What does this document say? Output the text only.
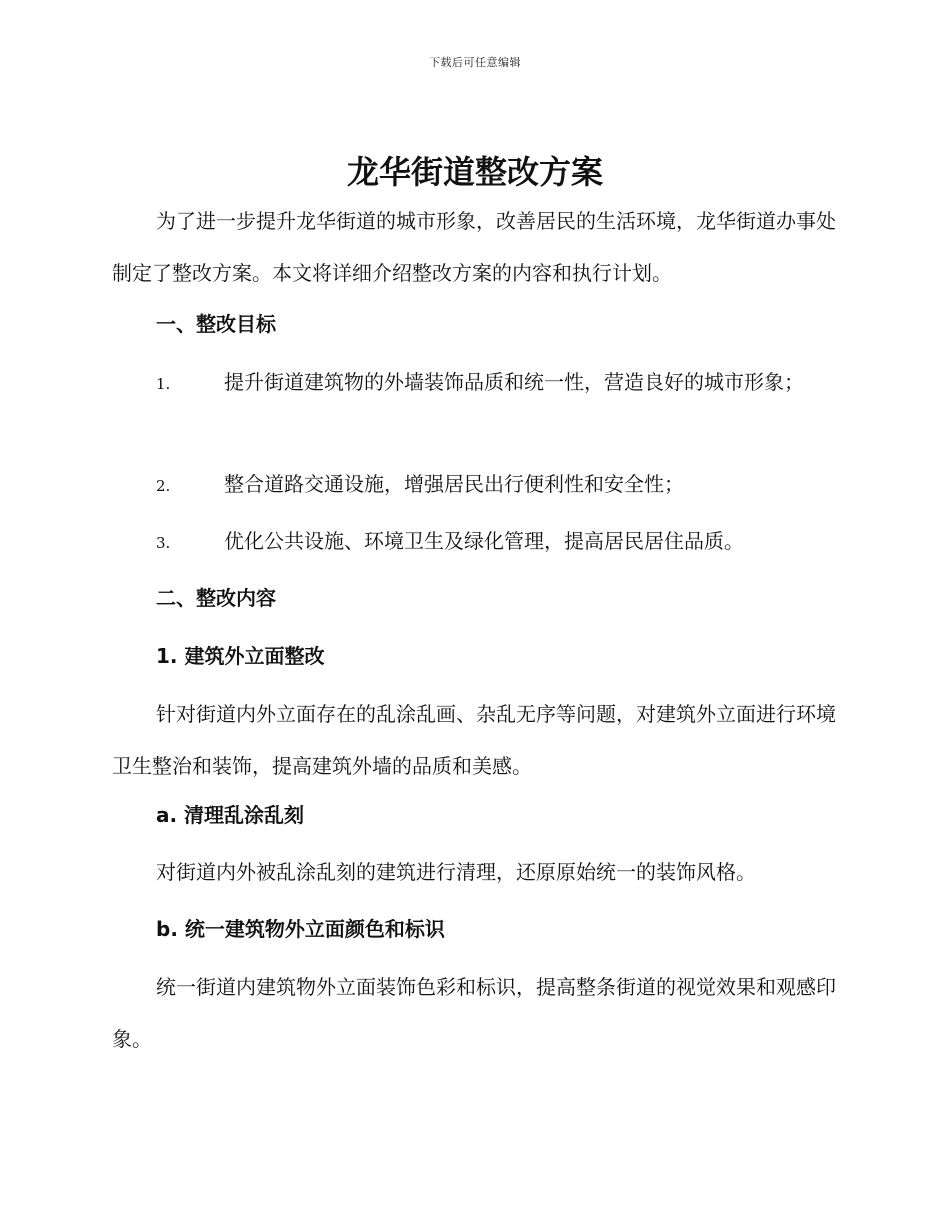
下载后可任意编辑
龙华街道整改方案

为了进一步提升龙华街道的城市形象，改善居民的生活环境，龙华街道办事处制定了整改方案。本文将详细介绍整改方案的内容和执行计划。

一、整改目标
1.	提升街道建筑物的外墙装饰品质和统一性，营造良好的城市形象；
2.	整合道路交通设施，增强居民出行便利性和安全性；
3.	优化公共设施、环境卫生及绿化管理，提高居民居住品质。
二、整改内容
1. 建筑外立面整改

针对街道内外立面存在的乱涂乱画、杂乱无序等问题，对建筑外立面进行环境卫生整治和装饰，提高建筑外墙的品质和美感。

a. 清理乱涂乱刻

对街道内外被乱涂乱刻的建筑进行清理，还原原始统一的装饰风格。

b. 统一建筑物外立面颜色和标识

统一街道内建筑物外立面装饰色彩和标识，提高整条街道的视觉效果和观感印象。
